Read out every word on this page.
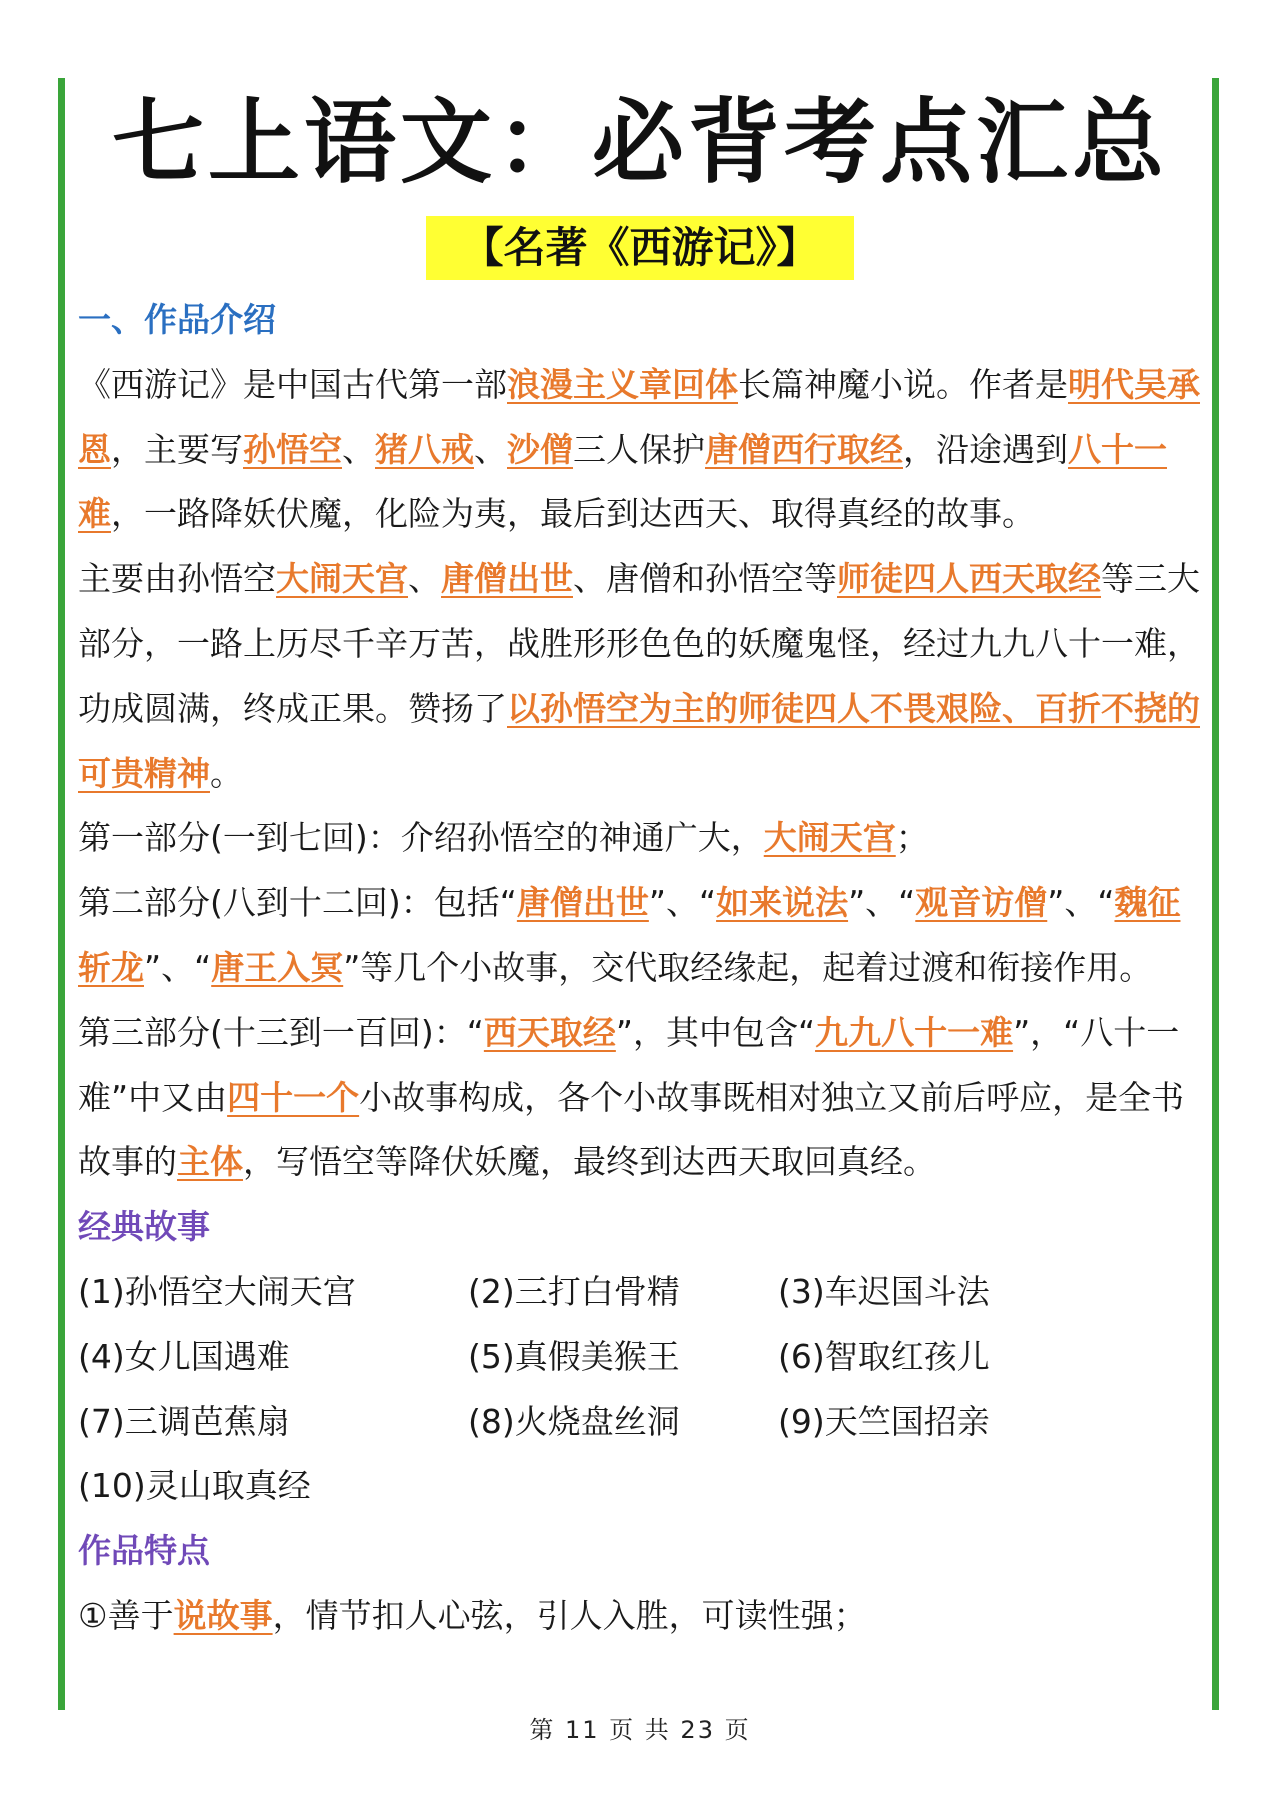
七上语文：必背考点汇总
【名著《西游记》】

一、作品介绍

《西游记》是中国古代第一部浪漫主义章回体长篇神魔小说。作者是明代吴承恩，主要写孙悟空、猪八戒、沙僧三人保护唐僧西行取经，沿途遇到八十一难，一路降妖伏魔，化险为夷，最后到达西天、取得真经的故事。

主要由孙悟空大闹天宫、唐僧出世、唐僧和孙悟空等师徒四人西天取经等三大部分，一路上历尽千辛万苦，战胜形形色色的妖魔鬼怪，经过九九八十一难，功成圆满，终成正果。赞扬了以孙悟空为主的师徒四人不畏艰险、百折不挠的可贵精神。

第一部分(一到七回)：介绍孙悟空的神通广大，大闹天宫；

第二部分(八到十二回)：包括“唐僧出世”、“如来说法”、“观音访僧”、“魏征斩龙”、“唐王入冥”等几个小故事，交代取经缘起，起着过渡和衔接作用。

第三部分(十三到一百回)：“西天取经”，其中包含“九九八十一难”，“八十一难”中又由四十一个小故事构成，各个小故事既相对独立又前后呼应，是全书故事的主体，写悟空等降伏妖魔，最终到达西天取回真经。

经典故事

(1)孙悟空大闹天宫	(2)三打白骨精	(3)车迟国斗法
(4)女儿国遇难	(5)真假美猴王	(6)智取红孩儿
(7)三调芭蕉扇	(8)火烧盘丝洞	(9)天竺国招亲
(10)灵山取真经

作品特点

①善于说故事，情节扣人心弦，引人入胜，可读性强；

第 11 页 共 23 页
